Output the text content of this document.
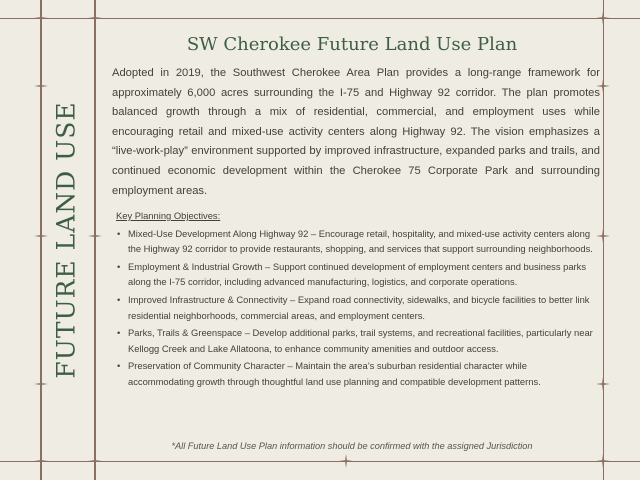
FUTURE LAND USE
SW Cherokee Future Land Use Plan
Adopted in 2019, the Southwest Cherokee Area Plan provides a long-range framework for approximately 6,000 acres surrounding the I-75 and Highway 92 corridor. The plan promotes balanced growth through a mix of residential, commercial, and employment uses while encouraging retail and mixed-use activity centers along Highway 92. The vision emphasizes a “live-work-play” environment supported by improved infrastructure, expanded parks and trails, and continued economic development within the Cherokee 75 Corporate Park and surrounding employment areas.
Key Planning Objectives:
• Mixed-Use Development Along Highway 92 – Encourage retail, hospitality, and mixed-use activity centers along the Highway 92 corridor to provide restaurants, shopping, and services that support surrounding neighborhoods.
• Employment & Industrial Growth – Support continued development of employment centers and business parks along the I-75 corridor, including advanced manufacturing, logistics, and corporate operations.
• Improved Infrastructure & Connectivity – Expand road connectivity, sidewalks, and bicycle facilities to better link residential neighborhoods, commercial areas, and employment centers.
• Parks, Trails & Greenspace – Develop additional parks, trail systems, and recreational facilities, particularly near Kellogg Creek and Lake Allatoona, to enhance community amenities and outdoor access.
• Preservation of Community Character – Maintain the area’s suburban residential character while accommodating growth through thoughtful land use planning and compatible development patterns.
*All Future Land Use Plan information should be confirmed with the assigned Jurisdiction
